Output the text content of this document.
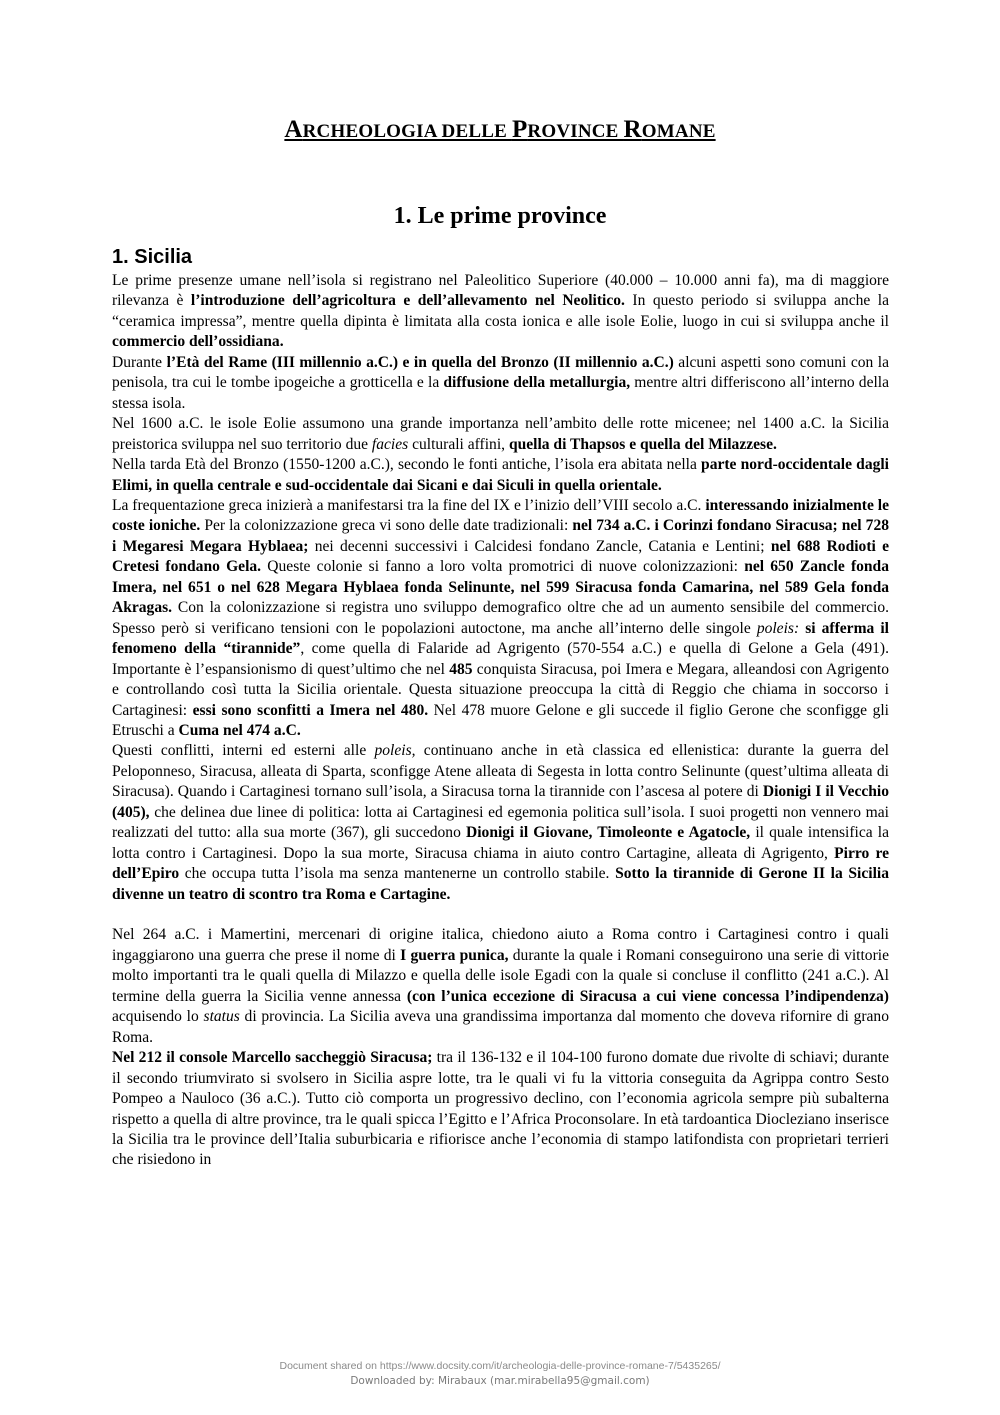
ARCHEOLOGIA DELLE PROVINCE ROMANE
1. Le prime province
1. Sicilia

Le prime presenze umane nell’isola si registrano nel Paleolitico Superiore (40.000 – 10.000 anni fa), ma di maggiore rilevanza è l’introduzione dell’agricoltura e dell’allevamento nel Neolitico. In questo periodo si sviluppa anche la “ceramica impressa”, mentre quella dipinta è limitata alla costa ionica e alle isole Eolie, luogo in cui si sviluppa anche il commercio dell’ossidiana.

Durante l’Età del Rame (III millennio a.C.) e in quella del Bronzo (II millennio a.C.) alcuni aspetti sono comuni con la penisola, tra cui le tombe ipogeiche a grotticella e la diffusione della metallurgia, mentre altri differiscono all’interno della stessa isola.

Nel 1600 a.C. le isole Eolie assumono una grande importanza nell’ambito delle rotte micenee; nel 1400 a.C. la Sicilia preistorica sviluppa nel suo territorio due facies culturali affini, quella di Thapsos e quella del Milazzese.

Nella tarda Età del Bronzo (1550-1200 a.C.), secondo le fonti antiche, l’isola era abitata nella parte nord-occidentale dagli Elimi, in quella centrale e sud-occidentale dai Sicani e dai Siculi in quella orientale.

La frequentazione greca inizierà a manifestarsi tra la fine del IX e l’inizio dell’VIII secolo a.C. interessando inizialmente le coste ioniche. Per la colonizzazione greca vi sono delle date tradizionali: nel 734 a.C. i Corinzi fondano Siracusa; nel 728 i Megaresi Megara Hyblaea; nei decenni successivi i Calcidesi fondano Zancle, Catania e Lentini; nel 688 Rodioti e Cretesi fondano Gela. Queste colonie si fanno a loro volta promotrici di nuove colonizzazioni: nel 650 Zancle fonda Imera, nel 651 o nel 628 Megara Hyblaea fonda Selinunte, nel 599 Siracusa fonda Camarina, nel 589 Gela fonda Akragas. Con la colonizzazione si registra uno sviluppo demografico oltre che ad un aumento sensibile del commercio. Spesso però si verificano tensioni con le popolazioni autoctone, ma anche all’interno delle singole poleis: si afferma il fenomeno della “tirannide”, come quella di Falaride ad Agrigento (570-554 a.C.) e quella di Gelone a Gela (491). Importante è l’espansionismo di quest’ultimo che nel 485 conquista Siracusa, poi Imera e Megara, alleandosi con Agrigento e controllando così tutta la Sicilia orientale. Questa situazione preoccupa la città di Reggio che chiama in soccorso i Cartaginesi: essi sono sconfitti a Imera nel 480. Nel 478 muore Gelone e gli succede il figlio Gerone che sconfigge gli Etruschi a Cuma nel 474 a.C.

Questi conflitti, interni ed esterni alle poleis, continuano anche in età classica ed ellenistica: durante la guerra del Peloponneso, Siracusa, alleata di Sparta, sconfigge Atene alleata di Segesta in lotta contro Selinunte (quest’ultima alleata di Siracusa). Quando i Cartaginesi tornano sull’isola, a Siracusa torna la tirannide con l’ascesa al potere di Dionigi I il Vecchio (405), che delinea due linee di politica: lotta ai Cartaginesi ed egemonia politica sull’isola. I suoi progetti non vennero mai realizzati del tutto: alla sua morte (367), gli succedono Dionigi il Giovane, Timoleonte e Agatocle, il quale intensifica la lotta contro i Cartaginesi. Dopo la sua morte, Siracusa chiama in aiuto contro Cartagine, alleata di Agrigento, Pirro re dell’Epiro che occupa tutta l’isola ma senza mantenerne un controllo stabile. Sotto la tirannide di Gerone II la Sicilia divenne un teatro di scontro tra Roma e Cartagine.

Nel 264 a.C. i Mamertini, mercenari di origine italica, chiedono aiuto a Roma contro i Cartaginesi contro i quali ingaggiarono una guerra che prese il nome di I guerra punica, durante la quale i Romani conseguirono una serie di vittorie molto importanti tra le quali quella di Milazzo e quella delle isole Egadi con la quale si concluse il conflitto (241 a.C.). Al termine della guerra la Sicilia venne annessa (con l’unica eccezione di Siracusa a cui viene concessa l’indipendenza) acquisendo lo status di provincia. La Sicilia aveva una grandissima importanza dal momento che doveva rifornire di grano Roma.

Nel 212 il console Marcello saccheggiò Siracusa; tra il 136-132 e il 104-100 furono domate due rivolte di schiavi; durante il secondo triumvirato si svolsero in Sicilia aspre lotte, tra le quali vi fu la vittoria conseguita da Agrippa contro Sesto Pompeo a Nauloco (36 a.C.). Tutto ciò comporta un progressivo declino, con l’economia agricola sempre più subalterna rispetto a quella di altre province, tra le quali spicca l’Egitto e l’Africa Proconsolare. In età tardoantica Diocleziano inserisce la Sicilia tra le province dell’Italia suburbicaria e rifiorisce anche l’economia di stampo latifondista con proprietari terrieri che risiedono in

Document shared on https://www.docsity.com/it/archeologia-delle-province-romane-7/5435265/
Downloaded by: Mirabaux (mar.mirabella95@gmail.com)
